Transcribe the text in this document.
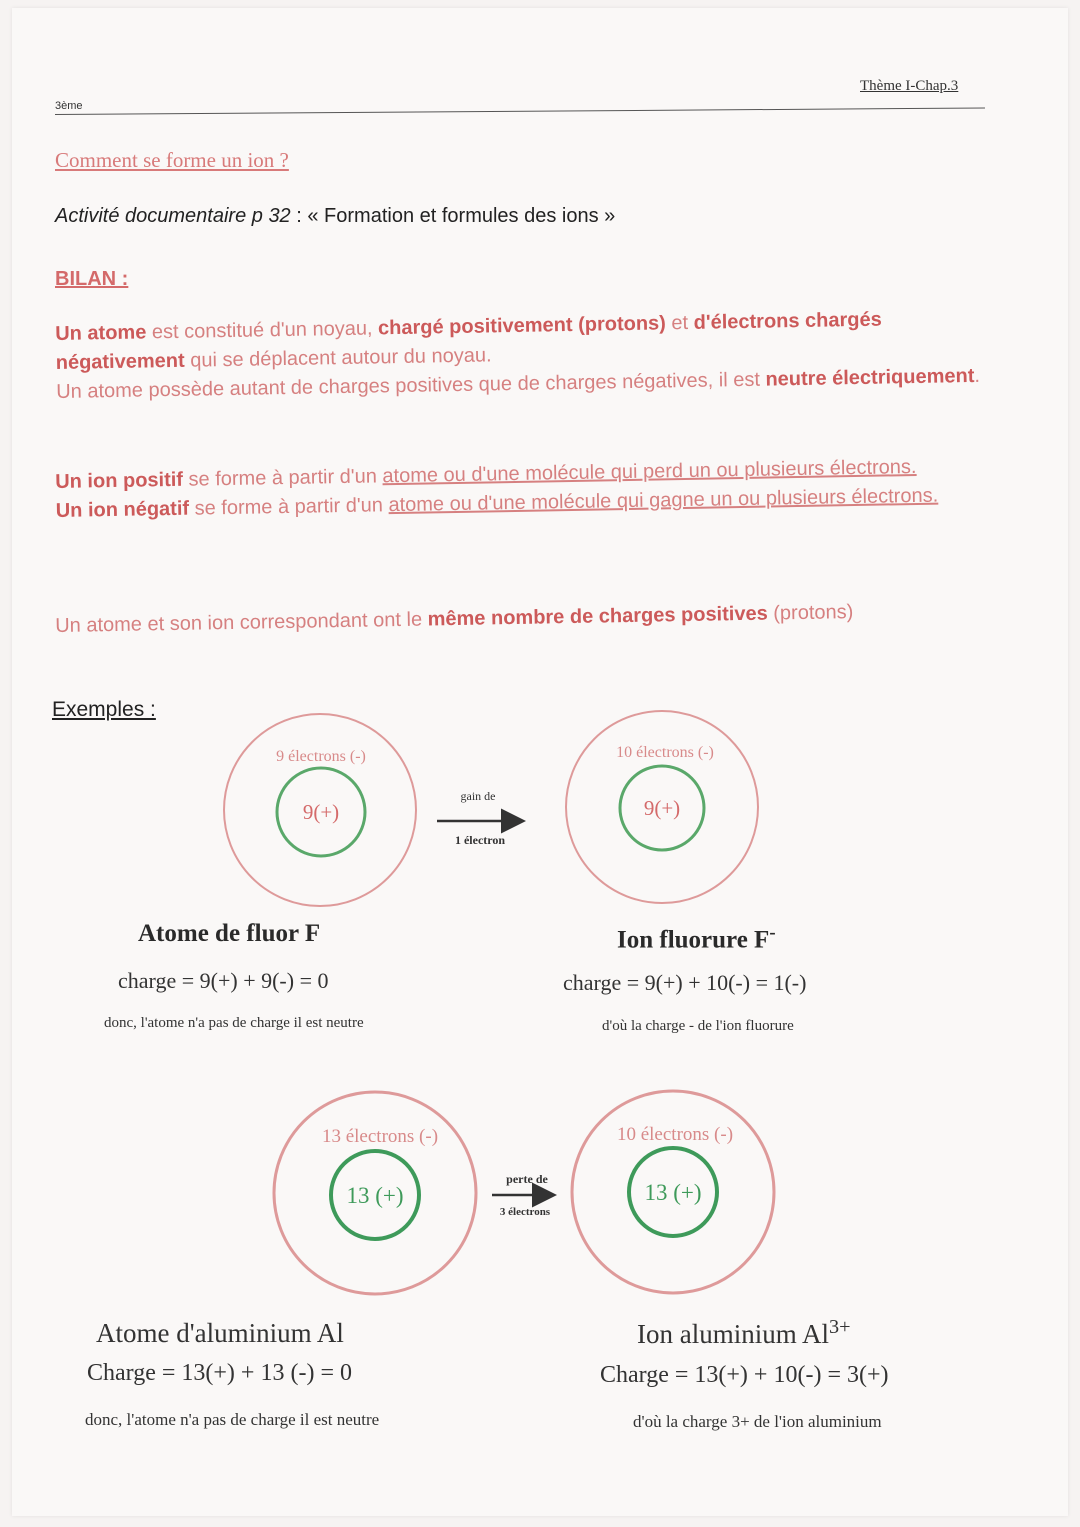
3ème
Thème I-Chap.3
Comment se forme un ion ?
Activité documentaire p 32 : « Formation et formules des ions »
BILAN :
Un atome est constitué d'un noyau, chargé positivement (protons) et d'électrons chargés négativement qui se déplacent autour du noyau.
Un atome possède autant de charges positives que de charges négatives, il est neutre électriquement.
Un ion positif se forme à partir d'un atome ou d'une molécule qui perd un ou plusieurs électrons.
Un ion négatif se forme à partir d'un atome ou d'une molécule qui gagne un ou plusieurs électrons.
Un atome et son ion correspondant ont le même nombre de charges positives (protons)
Exemples :
9 électrons (-)
9(+)
gain de
1 électron
10 électrons (-)
9(+)
13 électrons (-)
13 (+)
perte de
3 électrons
10 électrons (-)
13 (+)
Atome de fluor F
charge = 9(+) + 9(-) = 0
donc, l'atome n'a pas de charge il est neutre
Ion fluorure F-
charge = 9(+) + 10(-) = 1(-)
d'où la charge - de l'ion fluorure
Atome d'aluminium Al
Charge = 13(+) + 13 (-) = 0
donc, l'atome n'a pas de charge il est neutre
Ion aluminium $Al^{3+}$
Charge = 13(+) + 10(-) = 3(+)
d'où la charge 3+ de l'ion aluminium
